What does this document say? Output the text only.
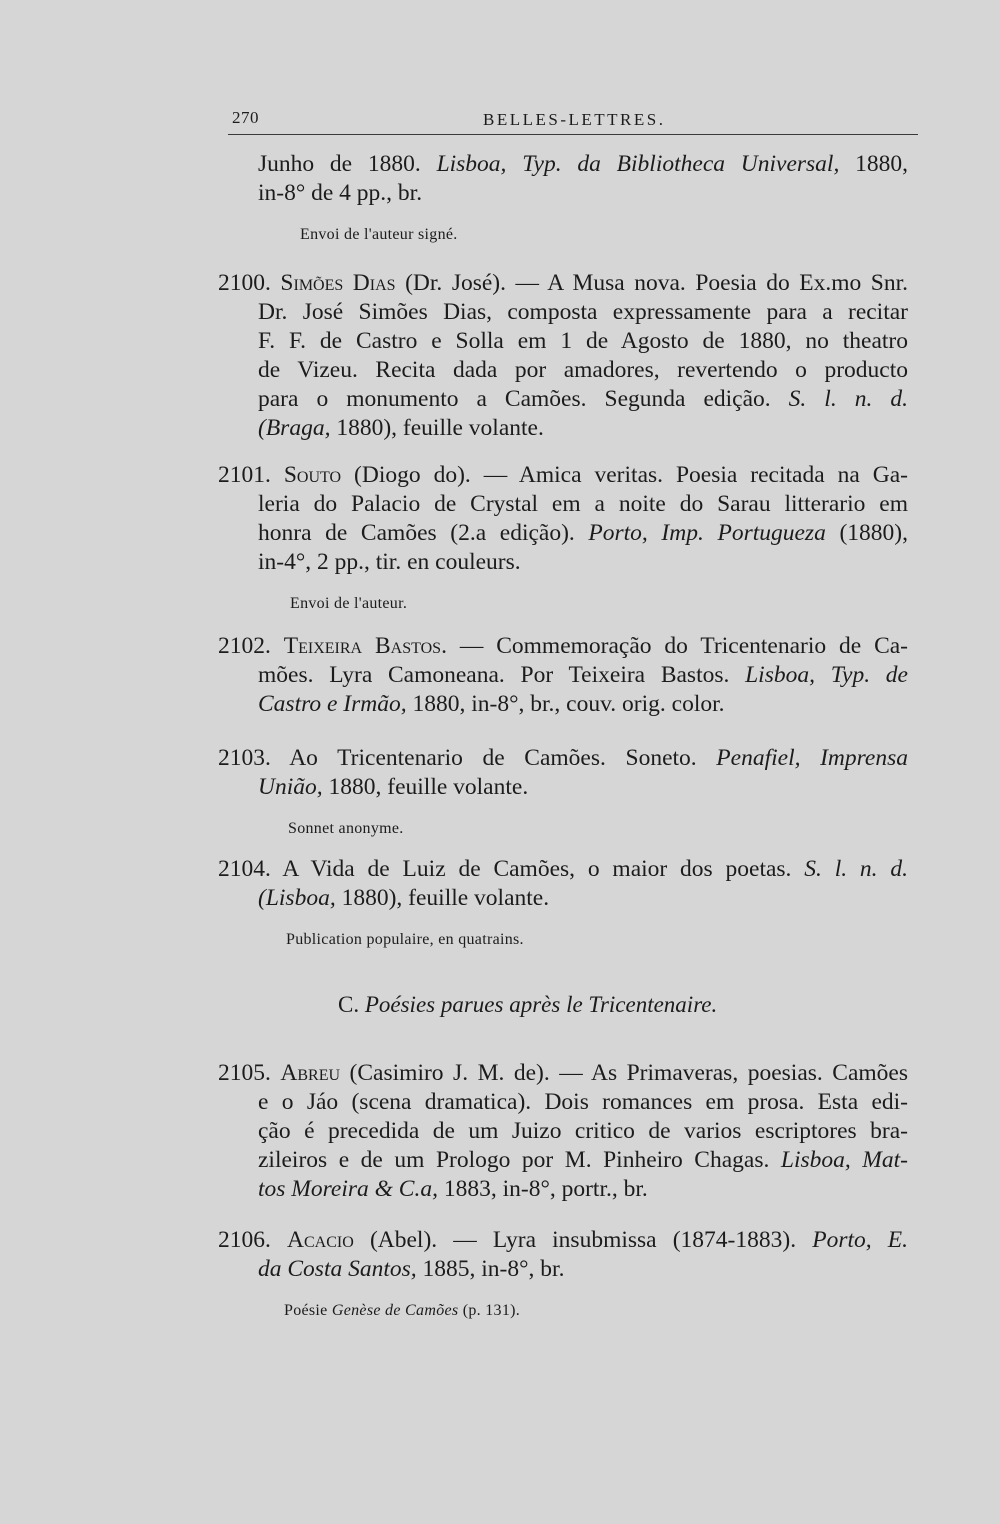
270	BELLES-LETTRES.
Junho de 1880. Lisboa, Typ. da Bibliotheca Universal, 1880,
in-8° de 4 pp., br.
Envoi de l'auteur signé.
2100. Simões Dias (Dr. José). — A Musa nova. Poesia do Ex.mo Snr.
Dr. José Simões Dias, composta expressamente para a recitar
F. F. de Castro e Solla em 1 de Agosto de 1880, no theatro
de Vizeu. Recita dada por amadores, revertendo o producto
para o monumento a Camões. Segunda edição. S. l. n. d.
(Braga, 1880), feuille volante.
2101. Souto (Diogo do). — Amica veritas. Poesia recitada na Ga-
leria do Palacio de Crystal em a noite do Sarau litterario em
honra de Camões (2.a edição). Porto, Imp. Portugueza (1880),
in-4°, 2 pp., tir. en couleurs.
Envoi de l'auteur.
2102. Teixeira Bastos. — Commemoração do Tricentenario de Ca-
mões. Lyra Camoneana. Por Teixeira Bastos. Lisboa, Typ. de
Castro e Irmão, 1880, in-8°, br., couv. orig. color.
2103. Ao Tricentenario de Camões. Soneto. Penafiel, Imprensa
União, 1880, feuille volante.
Sonnet anonyme.
2104. A Vida de Luiz de Camões, o maior dos poetas. S. l. n. d.
(Lisboa, 1880), feuille volante.
Publication populaire, en quatrains.
C. Poésies parues après le Tricentenaire.
2105. Abreu (Casimiro J. M. de). — As Primaveras, poesias. Camões
e o Jáo (scena dramatica). Dois romances em prosa. Esta edi-
ção é precedida de um Juizo critico de varios escriptores bra-
zileiros e de um Prologo por M. Pinheiro Chagas. Lisboa, Mat-
tos Moreira & C.a, 1883, in-8°, portr., br.
2106. Acacio (Abel). — Lyra insubmissa (1874-1883). Porto, E.
da Costa Santos, 1885, in-8°, br.
Poésie Genèse de Camões (p. 131).
